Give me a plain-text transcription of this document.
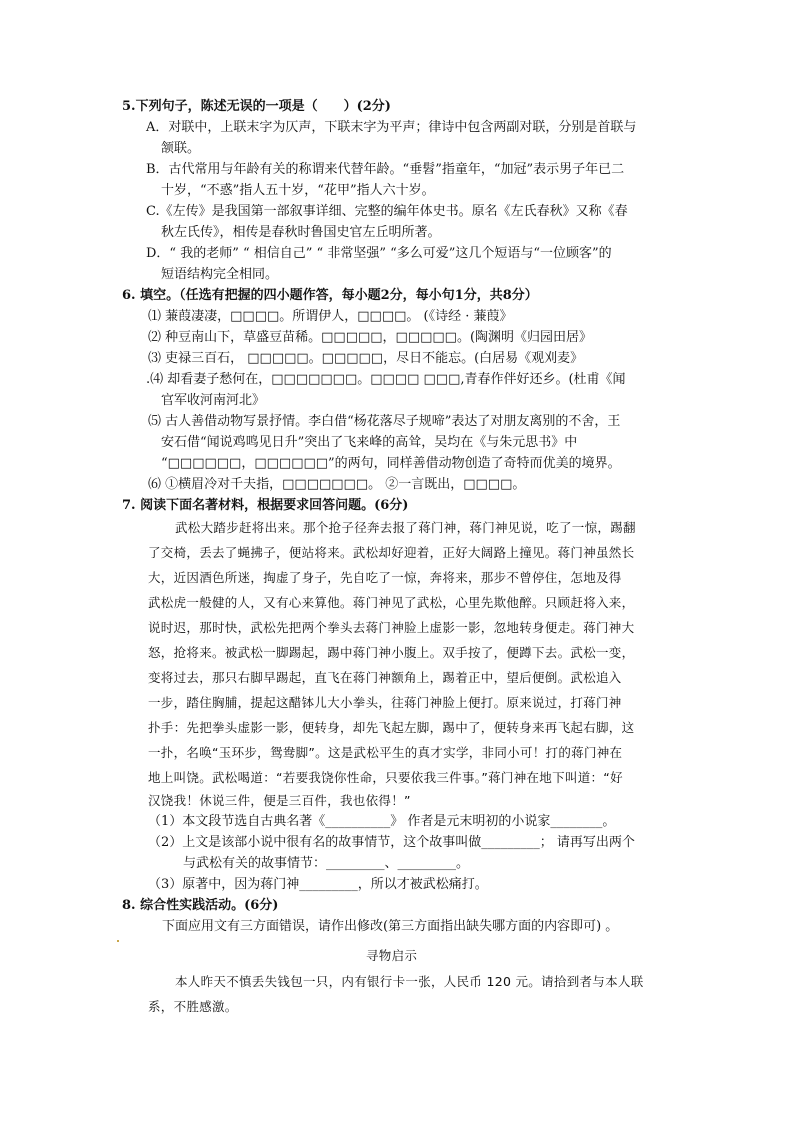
5.下列句子，陈述无误的一项是（　　）(2分)
A．对联中，上联末字为仄声，下联末字为平声；律诗中包含两副对联，分别是首联与
颔联。
B．古代常用与年龄有关的称谓来代替年龄。“垂髫”指童年，“加冠”表示男子年已二
十岁，“不惑”指人五十岁，“花甲”指人六十岁。
C.《左传》是我国第一部叙事详细、完整的编年体史书。原名《左氏春秋》又称《春
秋左氏传》，相传是春秋时鲁国史官左丘明所著。
D．“ 我的老师” “ 相信自己” “ 非常坚强” “多么可爱”这几个短语与“一位顾客”的
短语结构完全相同。
6. 填空。（任选有把握的四小题作答，每小题2分，每小句1分，共8分）
⑴ 蒹葭凄凄，□□□□。所谓伊人，□□□□。 (《诗经 · 蒹葭》
⑵ 种豆南山下，草盛豆苗稀。□□□□□，□□□□□。(陶渊明《归园田居》
⑶ 吏禄三百石， □□□□□。□□□□□，尽日不能忘。(白居易《观刈麦》
.⑷ 却看妻子愁何在，□□□□□□□。□□□□ □□□,青春作伴好还乡。(杜甫《闻
官军收河南河北》
⑸ 古人善借动物写景抒情。李白借“杨花落尽子规啼”表达了对朋友离别的不舍，王
安石借“闻说鸡鸣见日升”突出了飞来峰的高耸，吴均在《与朱元思书》中
“□□□□□□，□□□□□□”的两句，同样善借动物创造了奇特而优美的境界。
⑹ ①横眉冷对千夫指，□□□□□□□。 ②一言既出，□□□□。
7. 阅读下面名著材料，根据要求回答问题。(6分)
武松大踏步赶将出来。那个抢子径奔去报了蒋门神，蒋门神见说，吃了一惊，踢翻
了交椅，丢去了蝇拂子，便站将来。武松却好迎着，正好大阔路上撞见。蒋门神虽然长
大，近因酒色所迷，掏虚了身子，先自吃了一惊，奔将来，那步不曾停住，怎地及得
武松虎一般健的人，又有心来算他。蒋门神见了武松，心里先欺他醉。只顾赶将入来，
说时迟，那时快，武松先把两个拳头去蒋门神脸上虚影一影，忽地转身便走。蒋门神大
怒，抢将来。被武松一脚踢起，踢中蒋门神小腹上。双手按了，便蹲下去。武松一变，
变将过去，那只右脚早踢起，直飞在蒋门神额角上，踢着正中，望后便倒。武松追入
一步，踏住胸脯，提起这醋钵儿大小拳头，往蒋门神脸上便打。原来说过，打蒋门神
扑手：先把拳头虚影一影，便转身，却先飞起左脚，踢中了，便转身来再飞起右脚，这
一扑，名唤“玉环步，鸳鸯脚”。这是武松平生的真才实学，非同小可！打的蒋门神在
地上叫饶。武松喝道：“若要我饶你性命，只要依我三件事。”蒋门神在地下叫道：“好
汉饶我！休说三件，便是三百件，我也依得！”
（1）本文段节选自古典名著《__________》 作者是元末明初的小说家________。
（2）上文是该部小说中很有名的故事情节，这个故事叫做_________； 请再写出两个
与武松有关的故事情节：_________、_________。
（3）原著中，因为蒋门神_________，所以才被武松痛打。
8. 综合性实践活动。(6分)
下面应用文有三方面错误，请作出修改(第三方面指出缺失哪方面的内容即可) 。
寻物启示
本人昨天不慎丢失钱包一只，内有银行卡一张，人民币 120 元。请拾到者与本人联
系，不胜感激。
